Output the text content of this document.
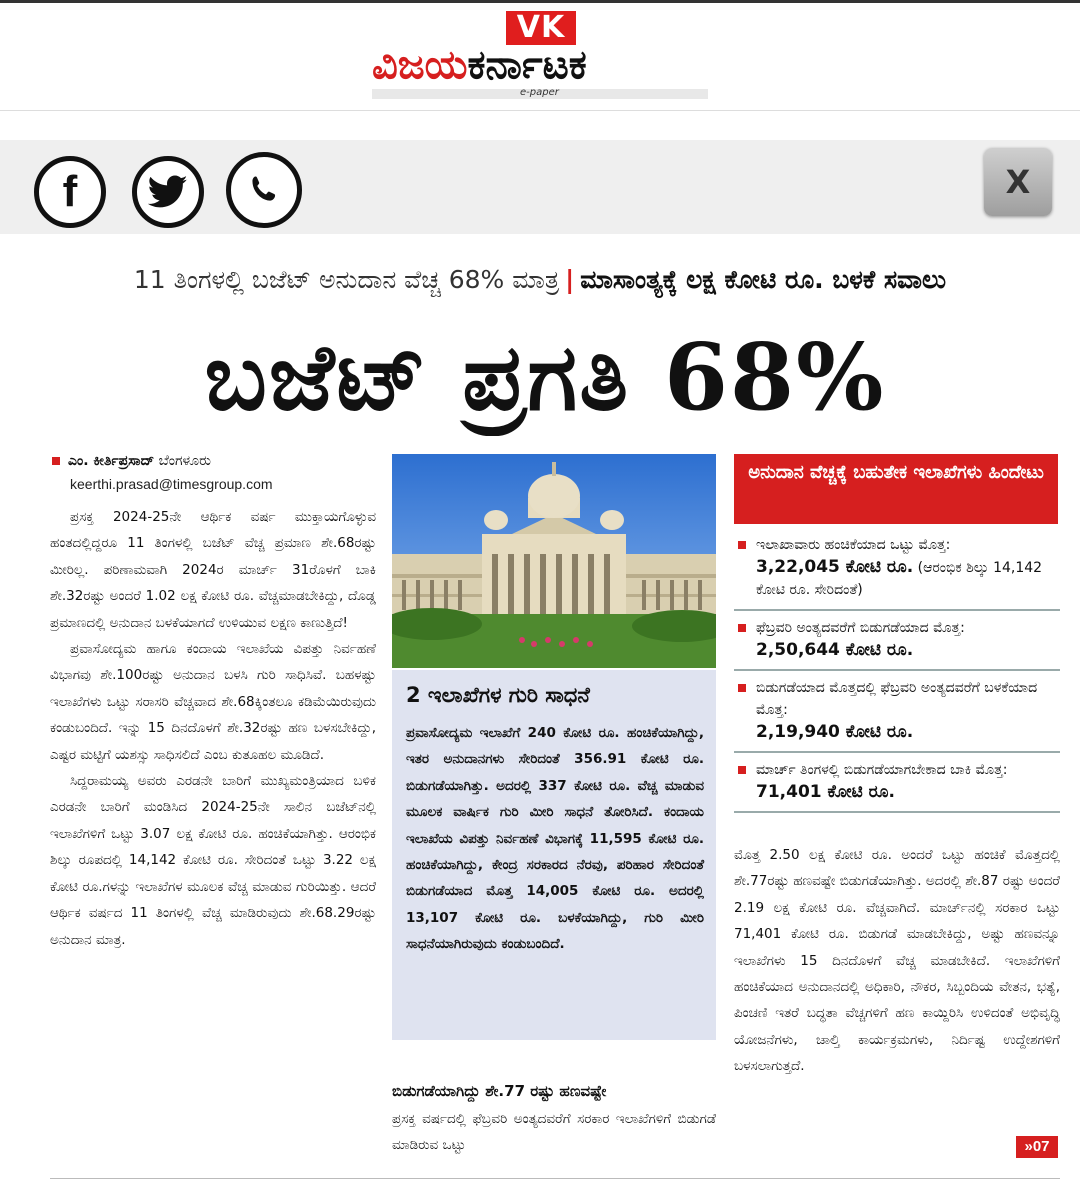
VK
ವಿಜಯಕರ್ನಾಟಕ
e-paper
f	X
11 ತಿಂಗಳಲ್ಲಿ ಬಜೆಟ್ ಅನುದಾನ ವೆಚ್ಚ 68% ಮಾತ್ರ | ಮಾಸಾಂತ್ಯಕ್ಕೆ ಲಕ್ಷ ಕೋಟಿ ರೂ. ಬಳಕೆ ಸವಾಲು
ಬಜೆಟ್ ಪ್ರಗತಿ 68%
ಎಂ. ಕೀರ್ತಿಪ್ರಸಾದ್ ಬೆಂಗಳೂರು
keerthi.prasad@timesgroup.com

ಪ್ರಸಕ್ತ 2024-25ನೇ ಆರ್ಥಿಕ ವರ್ಷ ಮುಕ್ತಾಯಗೊಳ್ಳುವ ಹಂತದಲ್ಲಿದ್ದರೂ 11 ತಿಂಗಳಲ್ಲಿ ಬಜೆಟ್ ವೆಚ್ಚ ಪ್ರಮಾಣ ಶೇ.68ರಷ್ಟು ಮೀರಿಲ್ಲ. ಪರಿಣಾಮವಾಗಿ 2024ರ ಮಾರ್ಚ್ 31ರೊಳಗೆ ಬಾಕಿ ಶೇ.32ರಷ್ಟು ಅಂದರೆ 1.02 ಲಕ್ಷ ಕೋಟಿ ರೂ. ವೆಚ್ಚಮಾಡಬೇಕಿದ್ದು, ದೊಡ್ಡ ಪ್ರಮಾಣದಲ್ಲಿ ಅನುದಾನ ಬಳಕೆಯಾಗದೆ ಉಳಿಯುವ ಲಕ್ಷಣ ಕಾಣುತ್ತಿದೆ!

ಪ್ರವಾಸೋದ್ಯಮ ಹಾಗೂ ಕಂದಾಯ ಇಲಾಖೆಯ ವಿಪತ್ತು ನಿರ್ವಹಣೆ ವಿಭಾಗವು ಶೇ.100ರಷ್ಟು ಅನುದಾನ ಬಳಸಿ ಗುರಿ ಸಾಧಿಸಿವೆ. ಬಹಳಷ್ಟು ಇಲಾಖೆಗಳು ಒಟ್ಟು ಸರಾಸರಿ ವೆಚ್ಚವಾದ ಶೇ.68ಕ್ಕಿಂತಲೂ ಕಡಿಮೆಯಿರುವುದು ಕಂಡುಬಂದಿದೆ. ಇನ್ನು 15 ದಿನದೊಳಗೆ ಶೇ.32ರಷ್ಟು ಹಣ ಬಳಸಬೇಕಿದ್ದು, ಎಷ್ಟರ ಮಟ್ಟಿಗೆ ಯಶಸ್ಸು ಸಾಧಿಸಲಿದೆ ಎಂಬ ಕುತೂಹಲ ಮೂಡಿದೆ.

ಸಿದ್ದರಾಮಯ್ಯ ಅವರು ಎರಡನೇ ಬಾರಿಗೆ ಮುಖ್ಯಮಂತ್ರಿಯಾದ ಬಳಿಕ ಎರಡನೇ ಬಾರಿಗೆ ಮಂಡಿಸಿದ 2024-25ನೇ ಸಾಲಿನ ಬಜೆಟ್‌ನಲ್ಲಿ ಇಲಾಖೆಗಳಿಗೆ ಒಟ್ಟು 3.07 ಲಕ್ಷ ಕೋಟಿ ರೂ. ಹಂಚಿಕೆಯಾಗಿತ್ತು. ಆರಂಭಿಕ ಶಿಲ್ಕು ರೂಪದಲ್ಲಿ 14,142 ಕೋಟಿ ರೂ. ಸೇರಿದಂತೆ ಒಟ್ಟು 3.22 ಲಕ್ಷ ಕೋಟಿ ರೂ.ಗಳನ್ನು ಇಲಾಖೆಗಳ ಮೂಲಕ ವೆಚ್ಚ ಮಾಡುವ ಗುರಿಯಿತ್ತು. ಆದರೆ ಆರ್ಥಿಕ ವರ್ಷದ 11 ತಿಂಗಳಲ್ಲಿ ವೆಚ್ಚ ಮಾಡಿರುವುದು ಶೇ.68.29ರಷ್ಟು ಅನುದಾನ ಮಾತ್ರ.

2 ಇಲಾಖೆಗಳ ಗುರಿ ಸಾಧನೆ
ಪ್ರವಾಸೋದ್ಯಮ ಇಲಾಖೆಗೆ 240 ಕೋಟಿ ರೂ. ಹಂಚಿಕೆಯಾಗಿದ್ದು, ಇತರ ಅನುದಾನಗಳು ಸೇರಿದಂತೆ 356.91 ಕೋಟಿ ರೂ. ಬಿಡುಗಡೆಯಾಗಿತ್ತು. ಅದರಲ್ಲಿ 337 ಕೋಟಿ ರೂ. ವೆಚ್ಚ ಮಾಡುವ ಮೂಲಕ ವಾರ್ಷಿಕ ಗುರಿ ಮೀರಿ ಸಾಧನೆ ತೋರಿಸಿದೆ. ಕಂದಾಯ ಇಲಾಖೆಯ ವಿಪತ್ತು ನಿರ್ವಹಣೆ ವಿಭಾಗಕ್ಕೆ 11,595 ಕೋಟಿ ರೂ. ಹಂಚಿಕೆಯಾಗಿದ್ದು, ಕೇಂದ್ರ ಸರಕಾರದ ನೆರವು, ಪರಿಹಾರ ಸೇರಿದಂತೆ ಬಿಡುಗಡೆಯಾದ ಮೊತ್ತ 14,005 ಕೋಟಿ ರೂ. ಅದರಲ್ಲಿ 13,107 ಕೋಟಿ ರೂ. ಬಳಕೆಯಾಗಿದ್ದು, ಗುರಿ ಮೀರಿ ಸಾಧನೆಯಾಗಿರುವುದು ಕಂಡುಬಂದಿದೆ.
ಬಿಡುಗಡೆಯಾಗಿದ್ದು ಶೇ.77 ರಷ್ಟು ಹಣವಷ್ಟೇ
ಪ್ರಸಕ್ತ ವರ್ಷದಲ್ಲಿ ಫೆಬ್ರವರಿ ಅಂತ್ಯದವರೆಗೆ ಸರಕಾರ ಇಲಾಖೆಗಳಿಗೆ ಬಿಡುಗಡೆ ಮಾಡಿರುವ ಒಟ್ಟು
ಅನುದಾನ ವೆಚ್ಚಕ್ಕೆ ಬಹುತೇಕ ಇಲಾಖೆಗಳು ಹಿಂದೇಟು
ಇಲಾಖಾವಾರು ಹಂಚಿಕೆಯಾದ ಒಟ್ಟು ಮೊತ್ತ:
3,22,045 ಕೋಟಿ ರೂ. (ಆರಂಭಿಕ ಶಿಲ್ಕು 14,142 ಕೋಟಿ ರೂ. ಸೇರಿದಂತೆ)
ಫೆಬ್ರವರಿ ಅಂತ್ಯದವರೆಗೆ ಬಿಡುಗಡೆಯಾದ ಮೊತ್ತ:
2,50,644 ಕೋಟಿ ರೂ.
ಬಿಡುಗಡೆಯಾದ ಮೊತ್ತದಲ್ಲಿ ಫೆಬ್ರವರಿ ಅಂತ್ಯದವರೆಗೆ ಬಳಕೆಯಾದ ಮೊತ್ತ:
2,19,940 ಕೋಟಿ ರೂ.
ಮಾರ್ಚ್ ತಿಂಗಳಲ್ಲಿ ಬಿಡುಗಡೆಯಾಗಬೇಕಾದ ಬಾಕಿ ಮೊತ್ತ:
71,401 ಕೋಟಿ ರೂ.
ಮೊತ್ತ 2.50 ಲಕ್ಷ ಕೋಟಿ ರೂ. ಅಂದರೆ ಒಟ್ಟು ಹಂಚಿಕೆ ಮೊತ್ತದಲ್ಲಿ ಶೇ.77ರಷ್ಟು ಹಣವಷ್ಟೇ ಬಿಡುಗಡೆಯಾಗಿತ್ತು. ಅದರಲ್ಲಿ ಶೇ.87 ರಷ್ಟು ಅಂದರೆ 2.19 ಲಕ್ಷ ಕೋಟಿ ರೂ. ವೆಚ್ಚವಾಗಿದೆ. ಮಾರ್ಚ್‌ನಲ್ಲಿ ಸರಕಾರ ಒಟ್ಟು 71,401 ಕೋಟಿ ರೂ. ಬಿಡುಗಡೆ ಮಾಡಬೇಕಿದ್ದು, ಅಷ್ಟು ಹಣವನ್ನೂ ಇಲಾಖೆಗಳು 15 ದಿನದೊಳಗೆ ವೆಚ್ಚ ಮಾಡಬೇಕಿದೆ. ಇಲಾಖೆಗಳಿಗೆ ಹಂಚಿಕೆಯಾದ ಅನುದಾನದಲ್ಲಿ ಅಧಿಕಾರಿ, ನೌಕರ, ಸಿಬ್ಬಂದಿಯ ವೇತನ, ಭತ್ಯೆ, ಪಿಂಚಣಿ ಇತರೆ ಬದ್ಧತಾ ವೆಚ್ಚಗಳಿಗೆ ಹಣ ಕಾಯ್ದಿರಿಸಿ ಉಳಿದಂತೆ ಅಭಿವೃದ್ಧಿ ಯೋಜನೆಗಳು, ಚಾಲ್ತಿ ಕಾರ್ಯಕ್ರಮಗಳು, ನಿರ್ದಿಷ್ಟ ಉದ್ದೇಶಗಳಿಗೆ ಬಳಸಲಾಗುತ್ತದೆ.
»07
